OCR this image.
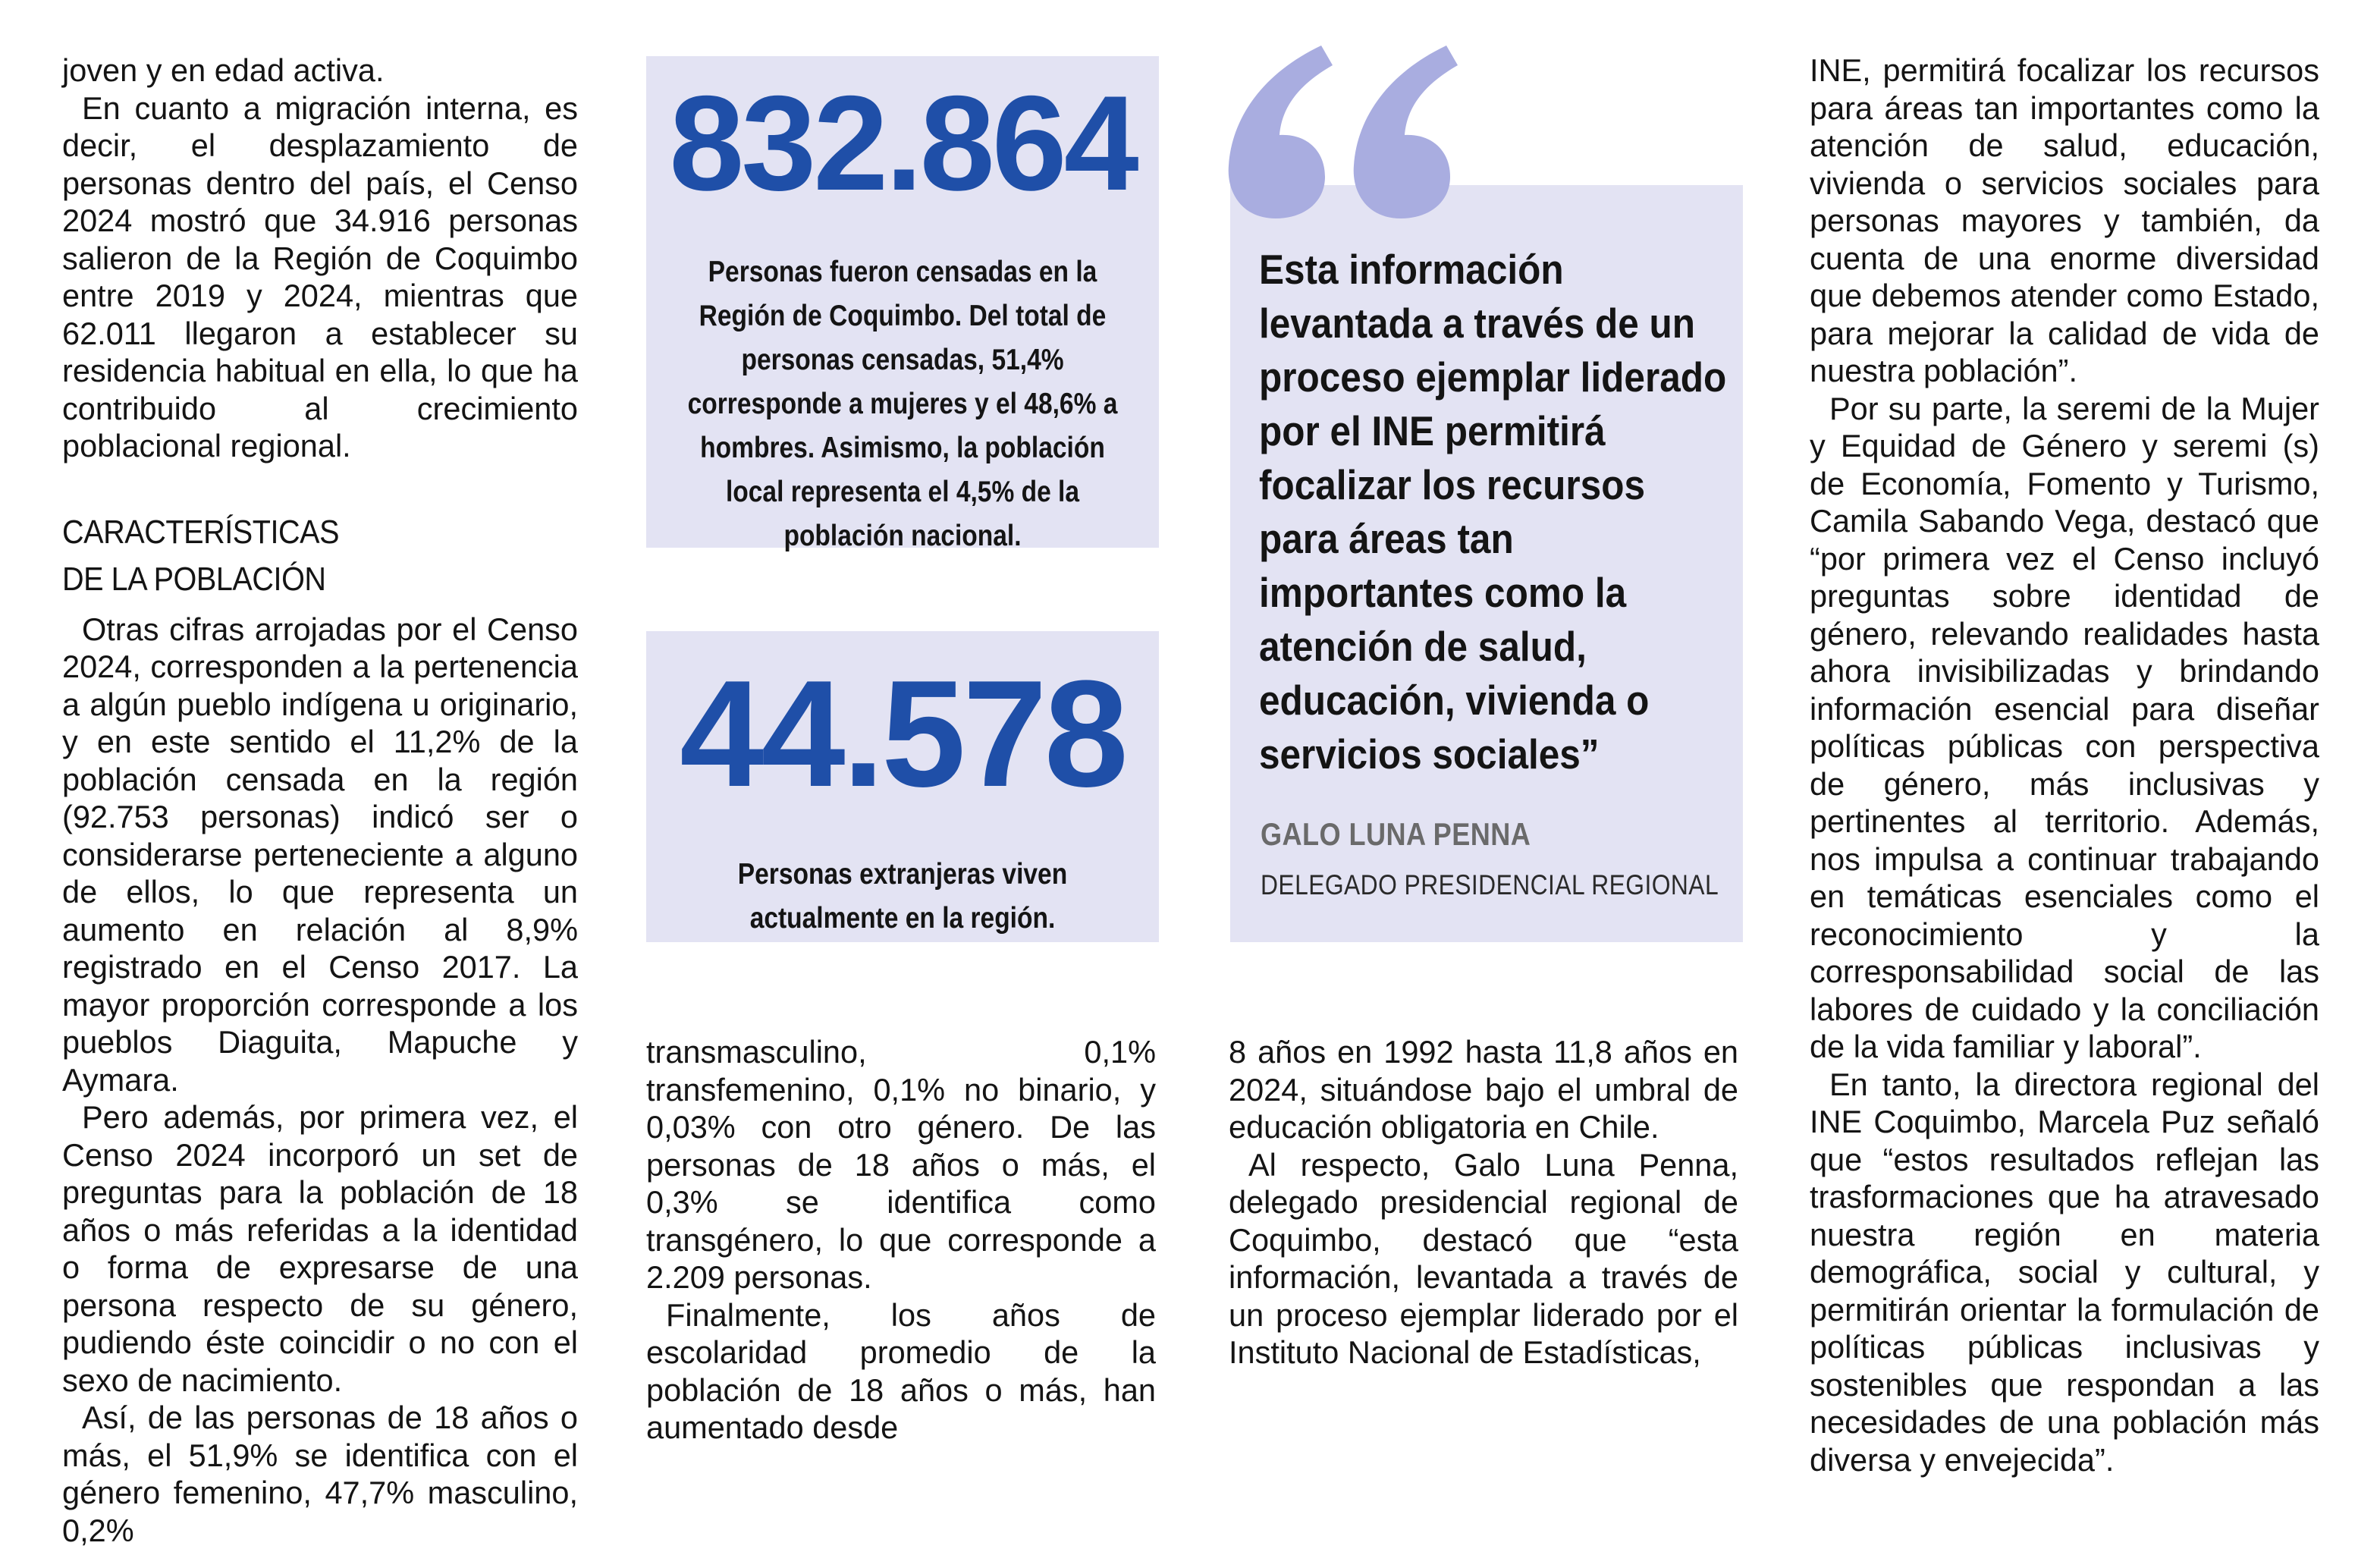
joven y en edad activa.

En cuanto a migración interna, es decir, el desplazamiento de personas dentro del país, el Censo 2024 mostró que 34.916 personas salieron de la Región de Coquimbo entre 2019 y 2024, mientras que 62.011 llegaron a establecer su residencia habitual en ella, lo que ha contribuido al crecimiento poblacional regional.

CARACTERÍSTICAS
DE LA POBLACIÓN

Otras cifras arrojadas por el Censo 2024, corresponden a la pertenencia a algún pueblo indígena u originario, y en este sentido el 11,2% de la población censada en la región (92.753 personas) indicó ser o considerarse perteneciente a alguno de ellos, lo que representa un aumento en relación al 8,9% registrado en el Censo 2017. La mayor proporción corresponde a los pueblos Diaguita, Mapuche y Aymara.

Pero además, por primera vez, el Censo 2024 incorporó un set de preguntas para la población de 18 años o más referidas a la identidad o forma de expresarse de una persona respecto de su género, pudiendo éste coincidir o no con el sexo de nacimiento.

Así, de las personas de 18 años o más, el 51,9% se identifica con el género femenino, 47,7% masculino, 0,2%

832.864
Personas fueron censadas en la Región de Coquimbo. Del total de personas censadas, 51,4% corresponde a mujeres y el 48,6% a hombres. Asimismo, la población local representa el 4,5% de la población nacional.
44.578
Personas extranjeras viven actualmente en la región.

transmasculino, 0,1% transfemenino, 0,1% no binario, y 0,03% con otro género. De las personas de 18 años o más, el 0,3% se identifica como transgénero, lo que corresponde a 2.209 personas.

Finalmente, los años de escolaridad promedio de la población de 18 años o más, han aumentado desde

Esta información levantada a través de un proceso ejemplar liderado por el INE permitirá focalizar los recursos para áreas tan importantes como la atención de salud, educación, vivienda o servicios sociales”
GALO LUNA PENNA
DELEGADO PRESIDENCIAL REGIONAL

8 años en 1992 hasta 11,8 años en 2024, situándose bajo el umbral de educación obligatoria en Chile.

Al respecto, Galo Luna Penna, delegado presidencial regional de Coquimbo, destacó que “esta información, levantada a través de un proceso ejemplar liderado por el Instituto Nacional de Estadísticas,

INE, permitirá focalizar los recursos para áreas tan importantes como la atención de salud, educación, vivienda o servicios sociales para personas mayores y también, da cuenta de una enorme diversidad que debemos atender como Estado, para mejorar la calidad de vida de nuestra población”.

Por su parte, la seremi de la Mujer y Equidad de Género y seremi (s) de Economía, Fomento y Turismo, Camila Sabando Vega, destacó que “por primera vez el Censo incluyó preguntas sobre identidad de género, relevando realidades hasta ahora invisibilizadas y brindando información esencial para diseñar políticas públicas con perspectiva de género, más inclusivas y pertinentes al territorio. Además, nos impulsa a continuar trabajando en temáticas esenciales como el reconocimiento y la corresponsabilidad social de las labores de cuidado y la conciliación de la vida familiar y laboral”.

En tanto, la directora regional del INE Coquimbo, Marcela Puz señaló que “estos resultados reflejan las trasformaciones que ha atravesado nuestra región en materia demográfica, social y cultural, y permitirán orientar la formulación de políticas públicas inclusivas y sostenibles que respondan a las necesidades de una población más diversa y envejecida”.
